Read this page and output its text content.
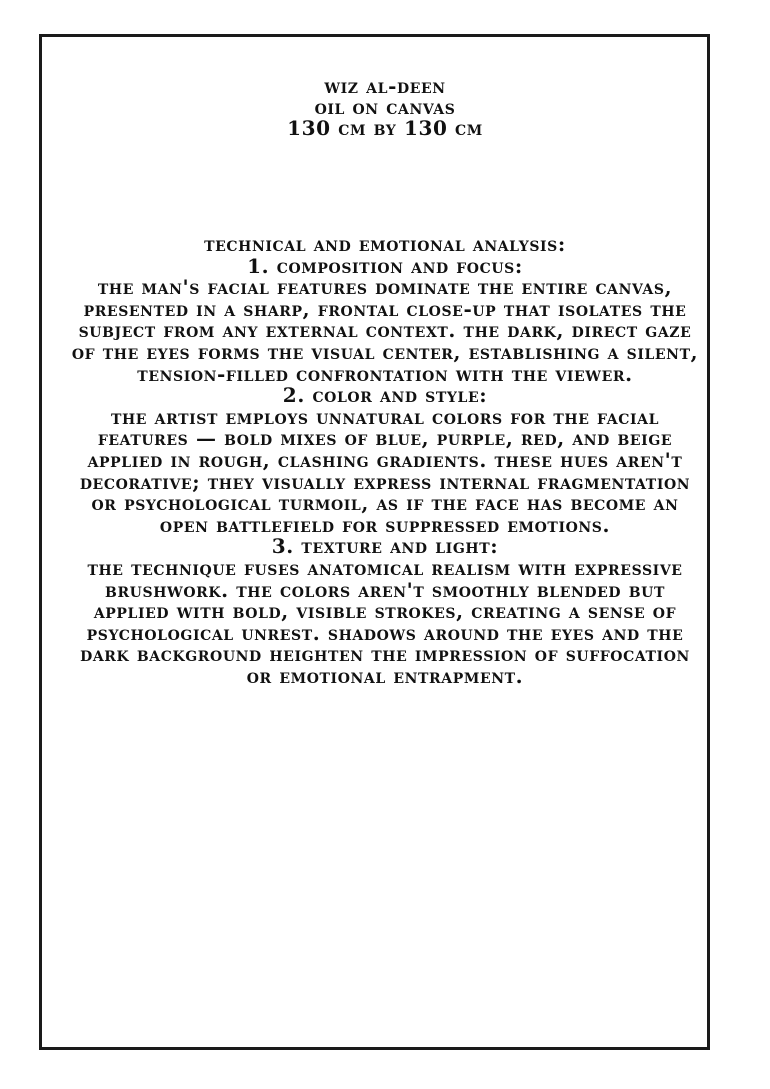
wiz al-deen
oil on canvas
130 cm by 130 cm

technical and emotional analysis:

1. composition and focus:

the man's facial features dominate the entire canvas, presented in a sharp, frontal close-up that isolates the subject from any external context. the dark, direct gaze of the eyes forms the visual center, establishing a silent, tension-filled confrontation with the viewer.

2. color and style:

the artist employs unnatural colors for the facial features — bold mixes of blue, purple, red, and beige applied in rough, clashing gradients. these hues aren't decorative; they visually express internal fragmentation or psychological turmoil, as if the face has become an open battlefield for suppressed emotions.

3. texture and light:

the technique fuses anatomical realism with expressive brushwork. the colors aren't smoothly blended but applied with bold, visible strokes, creating a sense of psychological unrest. shadows around the eyes and the dark background heighten the impression of suffocation or emotional entrapment.
